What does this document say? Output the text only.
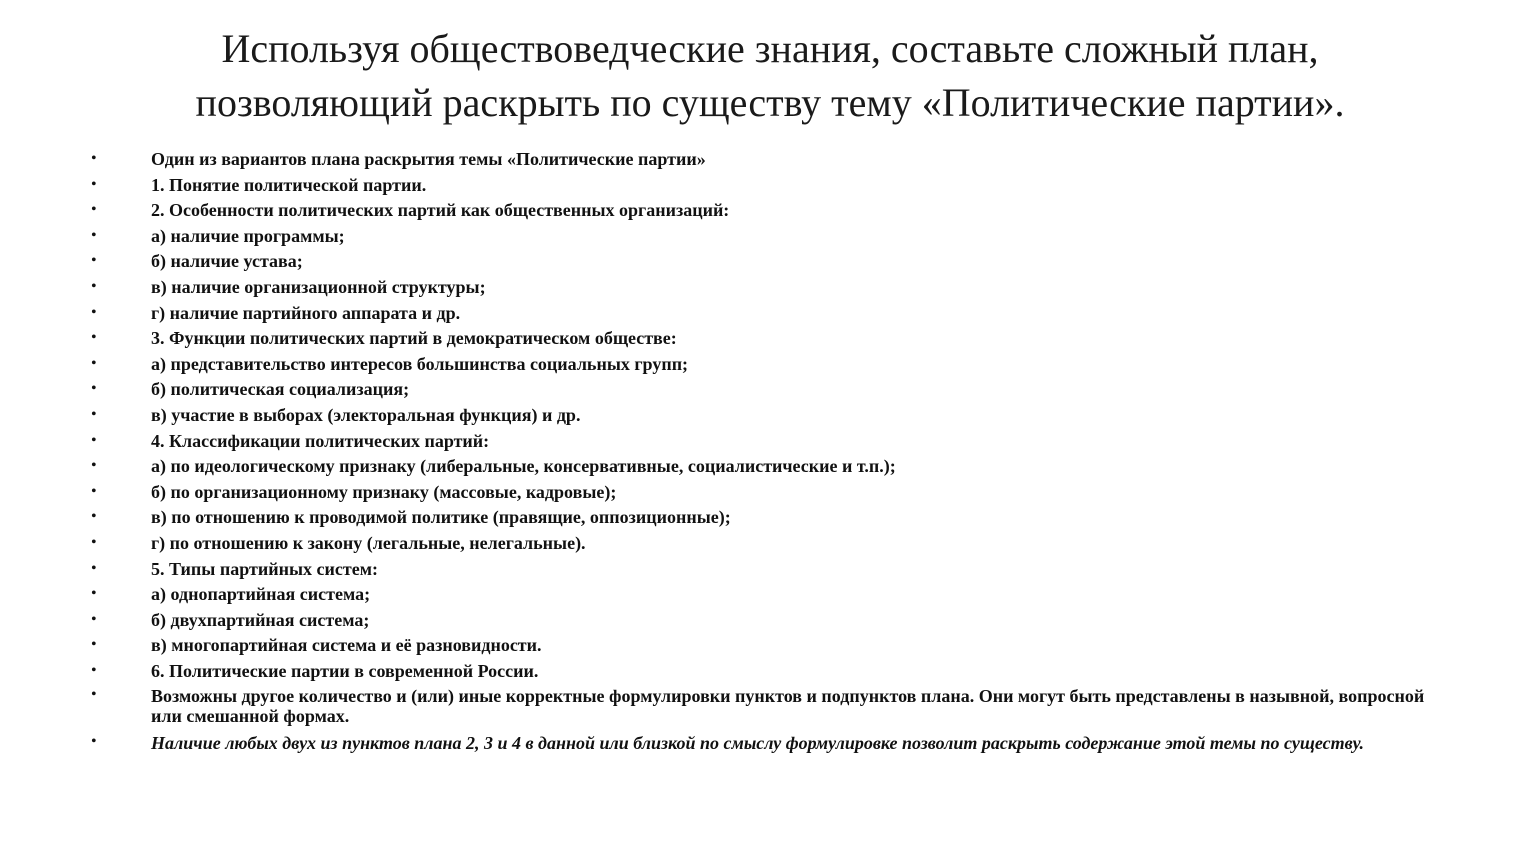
Используя обществоведческие знания, составьте сложный план,
позволяющий раскрыть по существу тему «Политические партии».
•	Один из вариантов плана раскрытия темы «Политические партии»
•	1. Понятие политической партии.
•	2. Особенности политических партий как общественных организаций:
•	а) наличие программы;
•	б) наличие устава;
•	в) наличие организационной структуры;
•	г) наличие партийного аппарата и др.
•	3. Функции политических партий в демократическом обществе:
•	а) представительство интересов большинства социальных групп;
•	б) политическая социализация;
•	в) участие в выборах (электоральная функция) и др.
•	4. Классификации политических партий:
•	а) по идеологическому признаку (либеральные, консервативные, социалистические и т.п.);
•	б) по организационному признаку (массовые, кадровые);
•	в) по отношению к проводимой политике (правящие, оппозиционные);
•	г) по отношению к закону (легальные, нелегальные).
•	5. Типы партийных систем:
•	а) однопартийная система;
•	б) двухпартийная система;
•	в) многопартийная система и её разновидности.
•	6. Политические партии в современной России.
•	Возможны другое количество и (или) иные корректные формулировки пунктов и подпунктов плана. Они могут быть представлены в назывной, вопросной или смешанной формах.
•	Наличие любых двух из пунктов плана 2, 3 и 4 в данной или близкой по смыслу формулировке позволит раскрыть содержание этой темы по существу.
